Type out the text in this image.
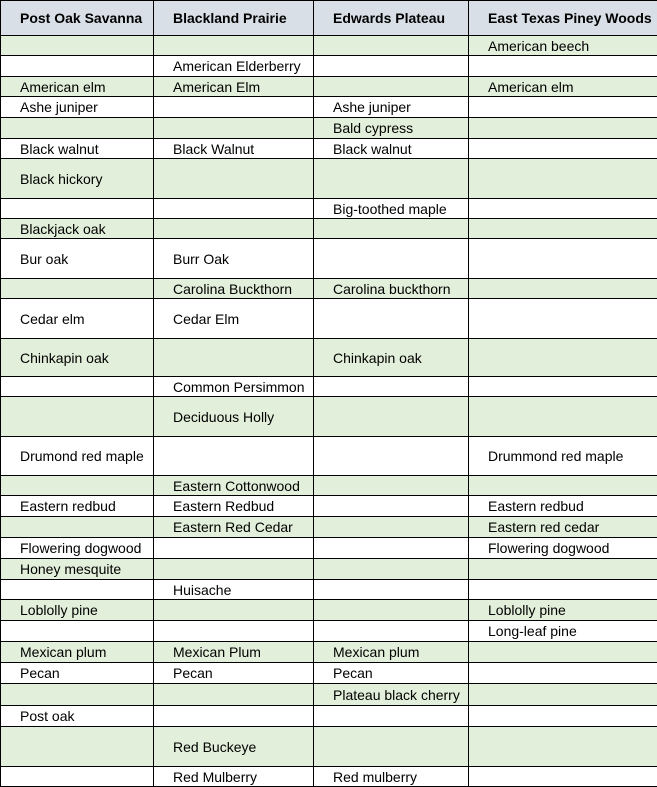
Post Oak Savanna	Blackland Prairie	Edwards Plateau	East Texas Piney Woods
			American beech
	American Elderberry		
American elm	American Elm		American elm
Ashe juniper		Ashe juniper	
		Bald cypress	
Black walnut	Black Walnut	Black walnut	
Black hickory			
		Big-toothed maple	
Blackjack oak			
Bur oak	Burr Oak		
	Carolina Buckthorn	Carolina buckthorn	
Cedar elm	Cedar Elm		
Chinkapin oak		Chinkapin oak	
	Common Persimmon		
	Deciduous Holly		
Drumond red maple			Drummond red maple
	Eastern Cottonwood		
Eastern redbud	Eastern Redbud		Eastern redbud
	Eastern Red Cedar		Eastern red cedar
Flowering dogwood			Flowering dogwood
Honey mesquite			
	Huisache		
Loblolly pine			Loblolly pine
			Long-leaf pine
Mexican plum	Mexican Plum	Mexican plum	
Pecan	Pecan	Pecan	
		Plateau black cherry	
Post oak			
	Red Buckeye		
	Red Mulberry	Red mulberry	
